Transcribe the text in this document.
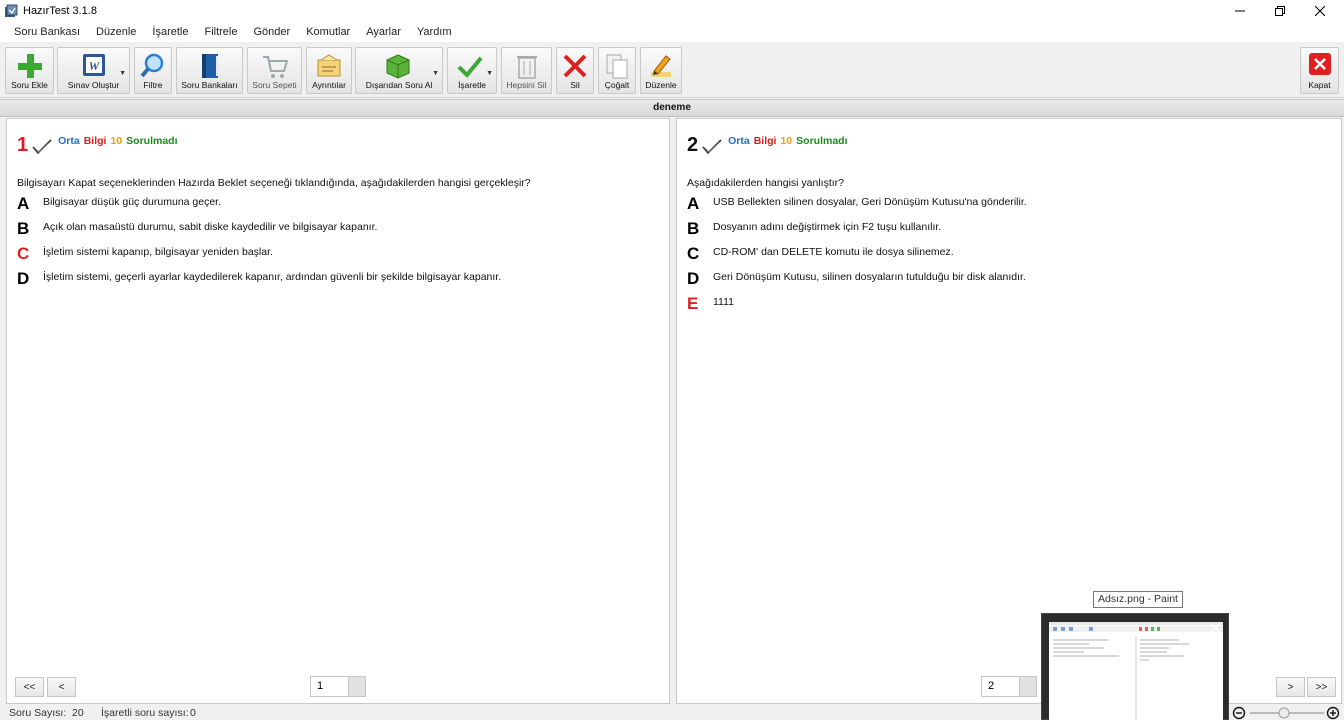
HazırTest 3.1.8
Soru Bankası	Düzenle	İşaretle	Filtrele	Gönder	Komutlar	Ayarlar	Yardım
Soru Ekle
W
Sınav Oluştur
▼
Filtre Soru Bankaları Soru Sepeti Ayrıntılar Dışarıdan Soru Al
▼
İşaretle
▼
Hepsini Sil	Sil	Çoğalt Düzenle	Kapat
deneme
1	Orta Bilgi 10 Sorulmadı
Bilgisayarı Kapat seçeneklerinden Hazırda Beklet seçeneği tıklandığında, aşağıdakilerden hangisi gerçekleşir?
A	Bilgisayar düşük güç durumuna geçer.
B	Açık olan masaüstü durumu, sabit diske kaydedilir ve bilgisayar kapanır.
C	İşletim sistemi kapanıp, bilgisayar yeniden başlar.
D	İşletim sistemi, geçerli ayarlar kaydedilerek kapanır, ardından güvenli bir şekilde bilgisayar kapanır.
2	Orta Bilgi 10 Sorulmadı
Aşağıdakilerden hangisi yanlıştır?
A	USB Bellekten silinen dosyalar, Geri Dönüşüm Kutusu'na gönderilir.
B	Dosyanın adını değiştirmek için F2 tuşu kullanılır.
C	CD-ROM' dan DELETE komutu ile dosya silinemez.
D	Geri Dönüşüm Kutusu, silinen dosyaların tutulduğu bir disk alanıdır.
E	1111
<<	<	1	2	>	>>
Soru Sayısı: 20 İşaretli soru sayısı: 0
Adsız.png - Paint
